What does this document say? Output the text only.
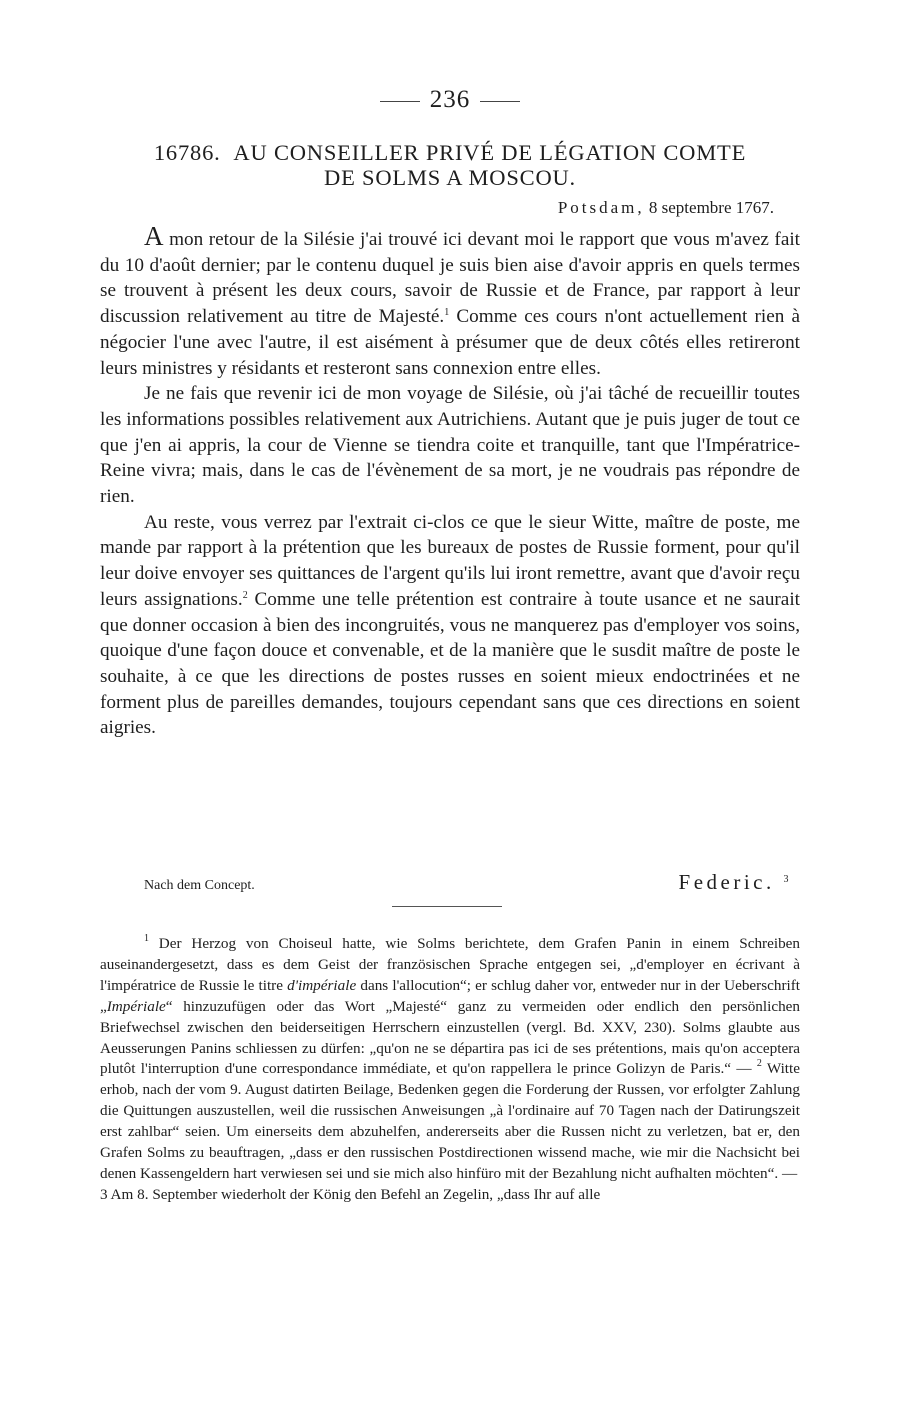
236
16786. AU CONSEILLER PRIVÉ DE LÉGATION COMTE
DE SOLMS A MOSCOU.
Potsdam, 8 septembre 1767.

A mon retour de la Silésie j'ai trouvé ici devant moi le rapport que vous m'avez fait du 10 d'août dernier; par le contenu duquel je suis bien aise d'avoir appris en quels termes se trouvent à présent les deux cours, savoir de Russie et de France, par rapport à leur discussion relativement au titre de Majesté.$^1$ Comme ces cours n'ont actuellement rien à négocier l'une avec l'autre, il est aisément à présumer que de deux côtés elles retireront leurs ministres y résidants et resteront sans connexion entre elles.

Je ne fais que revenir ici de mon voyage de Silésie, où j'ai tâché de recueillir toutes les informations possibles relativement aux Autrichiens. Autant que je puis juger de tout ce que j'en ai appris, la cour de Vienne se tiendra coite et tranquille, tant que l'Impératrice-Reine vivra; mais, dans le cas de l'évènement de sa mort, je ne voudrais pas répondre de rien.

Au reste, vous verrez par l'extrait ci-clos ce que le sieur Witte, maître de poste, me mande par rapport à la prétention que les bureaux de postes de Russie forment, pour qu'il leur doive envoyer ses quittances de l'argent qu'ils lui iront remettre, avant que d'avoir reçu leurs assignations.$^2$ Comme une telle prétention est contraire à toute usance et ne saurait que donner occasion à bien des incongruités, vous ne manquerez pas d'employer vos soins, quoique d'une façon douce et convenable, et de la manière que le susdit maître de poste le souhaite, à ce que les directions de postes russes en soient mieux endoctrinées et ne forment plus de pareilles demandes, toujours cependant sans que ces directions en soient aigries.

Nach dem Concept.	Federic. $^3$

$^1$ Der Herzog von Choiseul hatte, wie Solms berichtete, dem Grafen Panin in einem Schreiben auseinandergesetzt, dass es dem Geist der französischen Sprache entgegen sei, „d'employer en écrivant à l'impératrice de Russie le titre d'impériale dans l'allocution“; er schlug daher vor, entweder nur in der Ueberschrift „Impériale“ hinzuzufügen oder das Wort „Majesté“ ganz zu vermeiden oder endlich den persönlichen Briefwechsel zwischen den beiderseitigen Herrschern einzustellen (vergl. Bd. XXV, 230). Solms glaubte aus Aeusserungen Panins schliessen zu dürfen: „qu'on ne se départira pas ici de ses prétentions, mais qu'on acceptera plutôt l'interruption d'une correspondance immédiate, et qu'on rappellera le prince Golizyn de Paris.“ — $^2$ Witte erhob, nach der vom 9. August datirten Beilage, Bedenken gegen die Forderung der Russen, vor erfolgter Zahlung die Quittungen auszustellen, weil die russischen Anweisungen „à l'ordinaire auf 70 Tagen nach der Datirungszeit erst zahlbar“ seien. Um einerseits dem abzuhelfen, andererseits aber die Russen nicht zu verletzen, bat er, den Grafen Solms zu beauftragen, „dass er den russischen Postdirectionen wissend mache, wie mir die Nachsicht bei denen Kassengeldern hart verwiesen sei und sie mich also hinfüro mit der Bezahlung nicht aufhalten möchten“. —

3 Am 8. September wiederholt der König den Befehl an Zegelin, „dass Ihr auf alle
